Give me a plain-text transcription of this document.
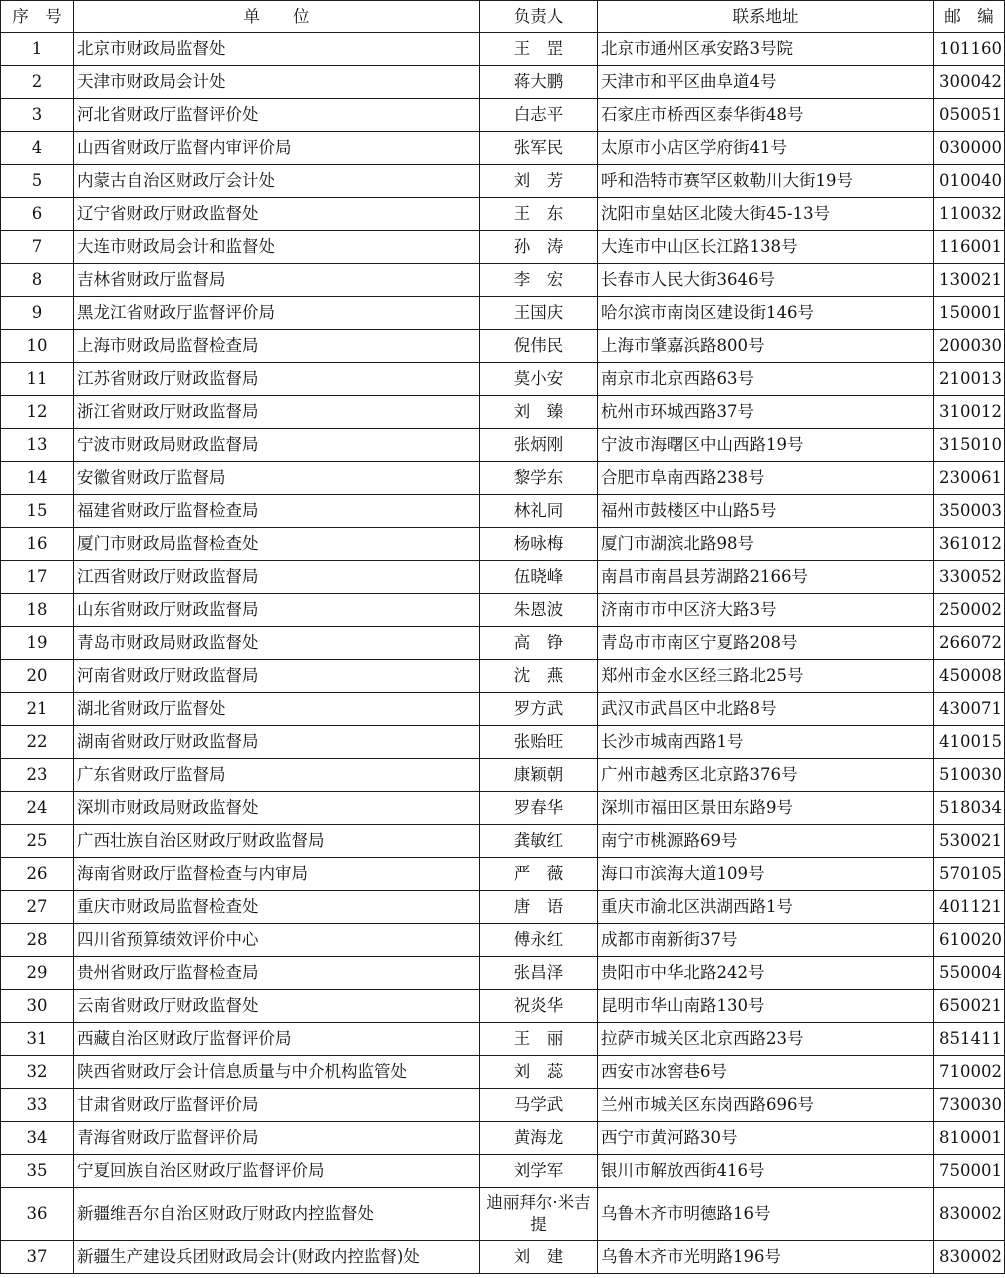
序　号	单　　位	负责人	联系地址	邮　编
1	北京市财政局监督处	王　罡	北京市通州区承安路3号院	101160
2	天津市财政局会计处	蒋大鹏	天津市和平区曲阜道4号	300042
3	河北省财政厅监督评价处	白志平	石家庄市桥西区泰华街48号	050051
4	山西省财政厅监督内审评价局	张军民	太原市小店区学府街41号	030000
5	内蒙古自治区财政厅会计处	刘　芳	呼和浩特市赛罕区敕勒川大街19号	010040
6	辽宁省财政厅财政监督处	王　东	沈阳市皇姑区北陵大街45-13号	110032
7	大连市财政局会计和监督处	孙　涛	大连市中山区长江路138号	116001
8	吉林省财政厅监督局	李　宏	长春市人民大街3646号	130021
9	黑龙江省财政厅监督评价局	王国庆	哈尔滨市南岗区建设街146号	150001
10	上海市财政局监督检查局	倪伟民	上海市肇嘉浜路800号	200030
11	江苏省财政厅财政监督局	莫小安	南京市北京西路63号	210013
12	浙江省财政厅财政监督局	刘　臻	杭州市环城西路37号	310012
13	宁波市财政局财政监督局	张炳刚	宁波市海曙区中山西路19号	315010
14	安徽省财政厅监督局	黎学东	合肥市阜南西路238号	230061
15	福建省财政厅监督检查局	林礼同	福州市鼓楼区中山路5号	350003
16	厦门市财政局监督检查处	杨咏梅	厦门市湖滨北路98号	361012
17	江西省财政厅财政监督局	伍晓峰	南昌市南昌县芳湖路2166号	330052
18	山东省财政厅财政监督局	朱恩波	济南市市中区济大路3号	250002
19	青岛市财政局财政监督处	高　铮	青岛市市南区宁夏路208号	266072
20	河南省财政厅财政监督局	沈　燕	郑州市金水区经三路北25号	450008
21	湖北省财政厅监督处	罗方武	武汉市武昌区中北路8号	430071
22	湖南省财政厅财政监督局	张贻旺	长沙市城南西路1号	410015
23	广东省财政厅监督局	康颖朝	广州市越秀区北京路376号	510030
24	深圳市财政局财政监督处	罗春华	深圳市福田区景田东路9号	518034
25	广西壮族自治区财政厅财政监督局	龚敏红	南宁市桃源路69号	530021
26	海南省财政厅监督检查与内审局	严　薇	海口市滨海大道109号	570105
27	重庆市财政局监督检查处	唐　语	重庆市渝北区洪湖西路1号	401121
28	四川省预算绩效评价中心	傅永红	成都市南新街37号	610020
29	贵州省财政厅监督检查局	张昌泽	贵阳市中华北路242号	550004
30	云南省财政厅财政监督处	祝炎华	昆明市华山南路130号	650021
31	西藏自治区财政厅监督评价局	王　丽	拉萨市城关区北京西路23号	851411
32	陕西省财政厅会计信息质量与中介机构监管处	刘　蕊	西安市冰窖巷6号	710002
33	甘肃省财政厅监督评价局	马学武	兰州市城关区东岗西路696号	730030
34	青海省财政厅监督评价局	黄海龙	西宁市黄河路30号	810001
35	宁夏回族自治区财政厅监督评价局	刘学军	银川市解放西街416号	750001
36	新疆维吾尔自治区财政厅财政内控监督处	迪丽拜尔·米吉提	乌鲁木齐市明德路16号	830002
37	新疆生产建设兵团财政局会计(财政内控监督)处	刘　建	乌鲁木齐市光明路196号	830002
